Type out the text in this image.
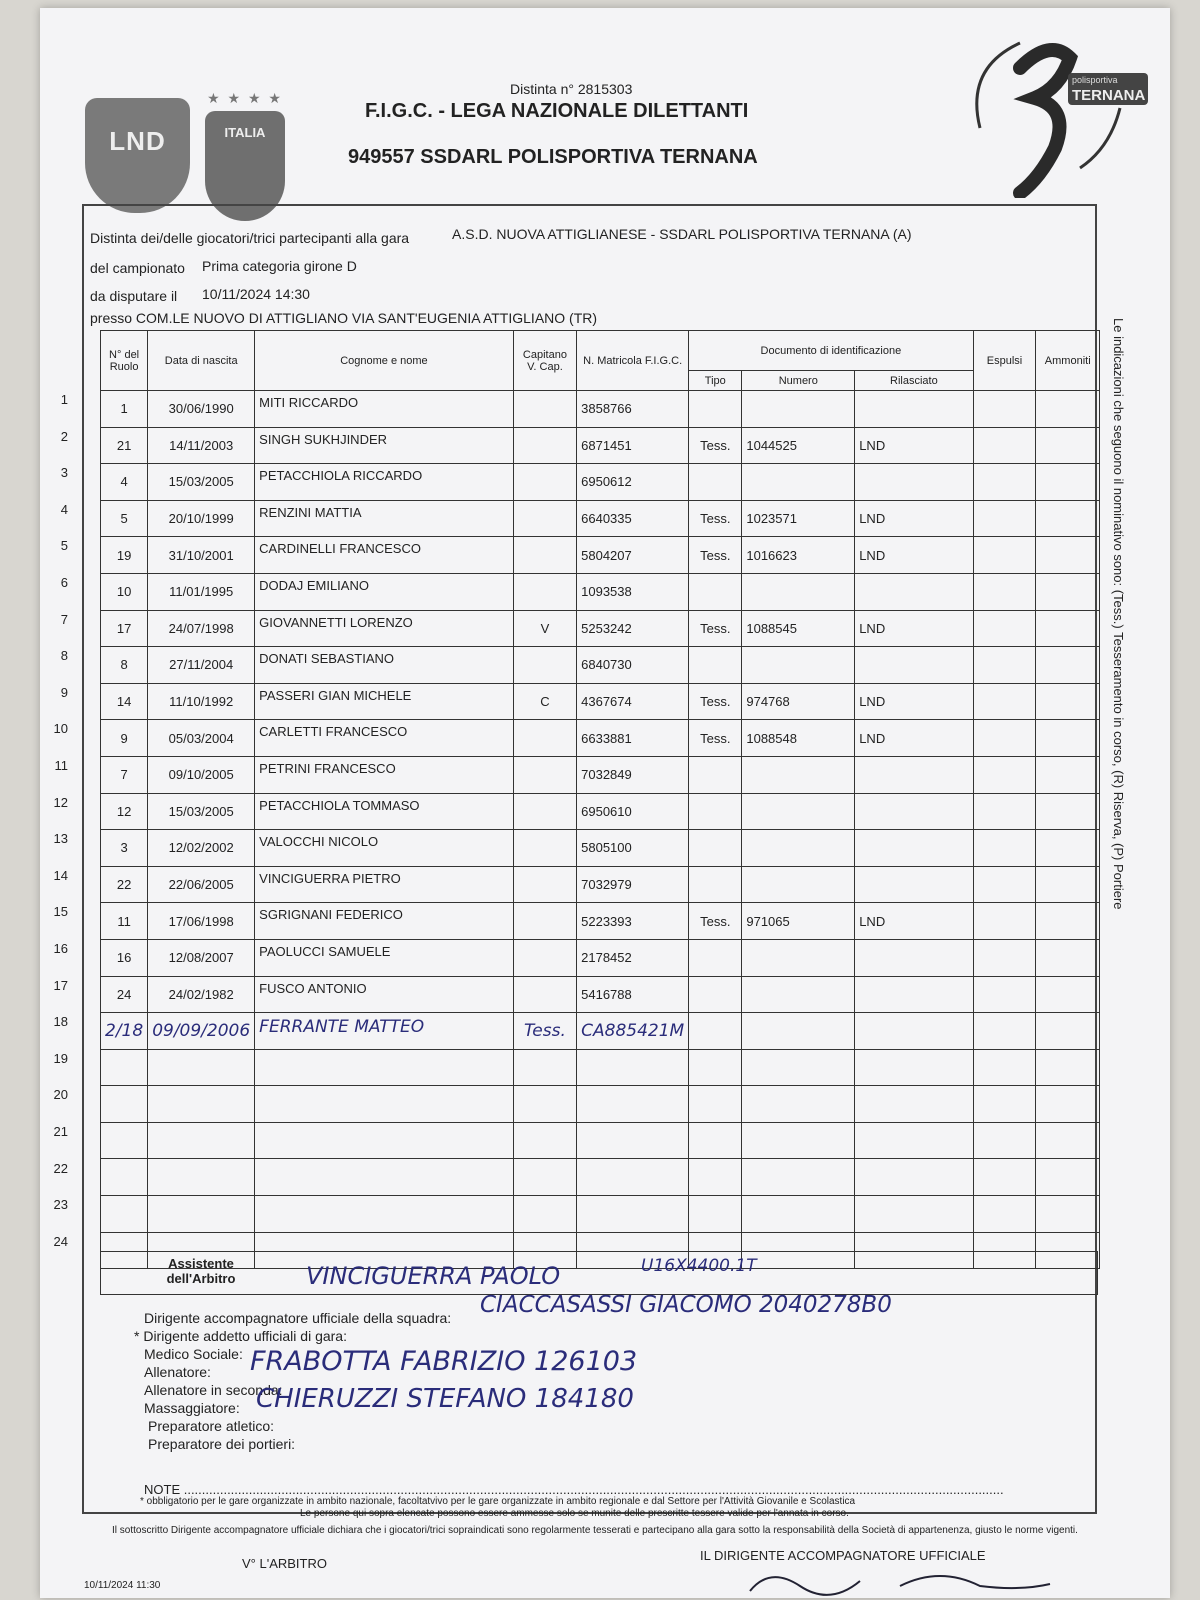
LND
★ ★ ★ ★
ITALIA
polisportiva
TERNANA
Distinta n° 2815303
F.I.G.C. - LEGA NAZIONALE DILETTANTI
949557 SSDARL POLISPORTIVA TERNANA
Distinta dei/delle giocatori/trici partecipanti alla gara	A.S.D. NUOVA ATTIGLIANESE - SSDARL POLISPORTIVA TERNANA (A)
del campionato Prima categoria girone D
da disputare il 10/11/2024 14:30
presso COM.LE NUOVO DI ATTIGLIANO VIA SANT'EUGENIA ATTIGLIANO (TR)
N° del Ruolo	Data di nascita	Cognome e nome	Capitano V. Cap.	N. Matricola F.I.G.C.	Documento di identificazione			Espulsi	Ammoniti
					Tipo	Numero	Rilasciato		
1	30/06/1990	MITI RICCARDO		3858766					
21	14/11/2003	SINGH SUKHJINDER		6871451	Tess.	1044525	LND		
4	15/03/2005	PETACCHIOLA RICCARDO		6950612					
5	20/10/1999	RENZINI MATTIA		6640335	Tess.	1023571	LND		
19	31/10/2001	CARDINELLI FRANCESCO		5804207	Tess.	1016623	LND		
10	11/01/1995	DODAJ EMILIANO		1093538					
17	24/07/1998	GIOVANNETTI LORENZO	V	5253242	Tess.	1088545	LND		
8	27/11/2004	DONATI SEBASTIANO		6840730					
14	11/10/1992	PASSERI GIAN MICHELE	C	4367674	Tess.	974768	LND		
9	05/03/2004	CARLETTI FRANCESCO		6633881	Tess.	1088548	LND		
7	09/10/2005	PETRINI FRANCESCO		7032849					
12	15/03/2005	PETACCHIOLA TOMMASO		6950610					
3	12/02/2002	VALOCCHI NICOLO		5805100					
22	22/06/2005	VINCIGUERRA PIETRO		7032979					
11	17/06/1998	SGRIGNANI FEDERICO		5223393	Tess.	971065	LND		
16	12/08/2007	PAOLUCCI SAMUELE		2178452					
24	24/02/1982	FUSCO ANTONIO		5416788					
2/18	09/09/2006	FERRANTE MATTEO	Tess.	CA885421M					

1
2
3
4
5
6
7
8
9
10
11
12
13
14
15
16
17
18
19
20
21
22
23
24
Assistente dell'Arbitro	VINCIGUERRA PAOLO	U16X4400.1T
Dirigente accompagnatore ufficiale della squadra: CIACCASASSI GIACOMO 2040278B0
* Dirigente addetto ufficiali di gara:
Medico Sociale:
Allenatore: FRABOTTA FABRIZIO 126103
Allenatore in seconda:
Massaggiatore: CHIERUZZI STEFANO 184180
Preparatore atletico:
Preparatore dei portieri:
NOTE ...................................................................................................................................................................................................................................
* obbligatorio per le gare organizzate in ambito nazionale, facoltatvivo per le gare organizzate in ambito regionale e dal Settore per l'Attività Giovanile e Scolastica
Le persone qui sopra elencate possono essere ammesse solo se munite delle prescritte tessere valide per l'annata in corso.
Il sottoscritto Dirigente accompagnatore ufficiale dichiara che i giocatori/trici sopraindicati sono regolarmente tesserati e partecipano alla gara sotto la responsabilità della Società di appartenenza, giusto le norme vigenti.
V° L'ARBITRO
IL DIRIGENTE ACCOMPAGNATORE UFFICIALE
10/11/2024 11:30
Le indicazioni che seguono il nominativo sono: (Tess.) Tesseramento in corso, (R) Riserva, (P) Portiere
